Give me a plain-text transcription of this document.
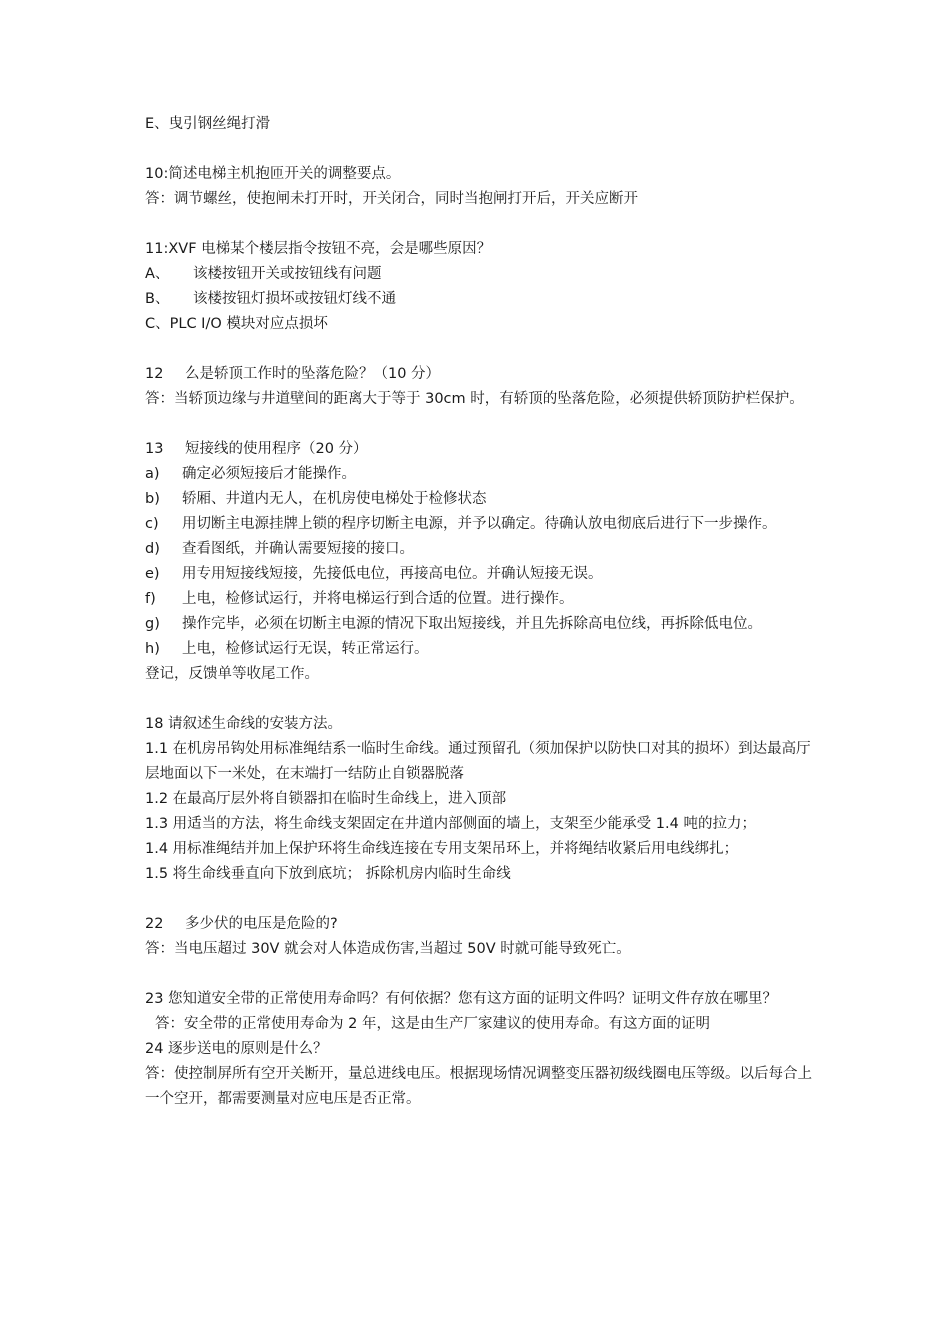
E、曳引钢丝绳打滑
10:简述电梯主机抱匝开关的调整要点。
答：调节螺丝，使抱闸未打开时，开关闭合，同时当抱闸打开后，开关应断开
11:XVF 电梯某个楼层指令按钮不亮，会是哪些原因？
A、 该楼按钮开关或按钮线有问题
B、 该楼按钮灯损坏或按钮灯线不通
C、PLC I/O 模块对应点损坏
12 么是轿顶工作时的坠落危险？（10 分）
答：当轿顶边缘与井道壁间的距离大于等于 30cm 时，有轿顶的坠落危险，必须提供轿顶防护栏保护。
13 短接线的使用程序（20 分）
a) 确定必须短接后才能操作。
b) 轿厢、井道内无人，在机房使电梯处于检修状态
c) 用切断主电源挂牌上锁的程序切断主电源，并予以确定。待确认放电彻底后进行下一步操作。
d) 查看图纸，并确认需要短接的接口。
e) 用专用短接线短接，先接低电位，再接高电位。并确认短接无误。
f) 上电，检修试运行，并将电梯运行到合适的位置。进行操作。
g) 操作完毕，必须在切断主电源的情况下取出短接线，并且先拆除高电位线，再拆除低电位。
h) 上电，检修试运行无误，转正常运行。
登记，反馈单等收尾工作。
18 请叙述生命线的安装方法。
1.1 在机房吊钩处用标准绳结系一临时生命线。通过预留孔（须加保护以防快口对其的损坏）到达最高厅层地面以下一米处，在末端打一结防止自锁器脱落
1.2 在最高厅层外将自锁器扣在临时生命线上，进入顶部
1.3 用适当的方法，将生命线支架固定在井道内部侧面的墙上，支架至少能承受 1.4 吨的拉力；
1.4 用标准绳结并加上保护环将生命线连接在专用支架吊环上，并将绳结收紧后用电线绑扎；
1.5 将生命线垂直向下放到底坑； 拆除机房内临时生命线
22 多少伏的电压是危险的?
答：当电压超过 30V 就会对人体造成伤害,当超过 50V 时就可能导致死亡。
23 您知道安全带的正常使用寿命吗？有何依据？您有这方面的证明文件吗？证明文件存放在哪里？
答：安全带的正常使用寿命为 2 年，这是由生产厂家建议的使用寿命。有这方面的证明
24 逐步送电的原则是什么？
答：使控制屏所有空开关断开，量总进线电压。根据现场情况调整变压器初级线圈电压等级。以后每合上一个空开，都需要测量对应电压是否正常。
